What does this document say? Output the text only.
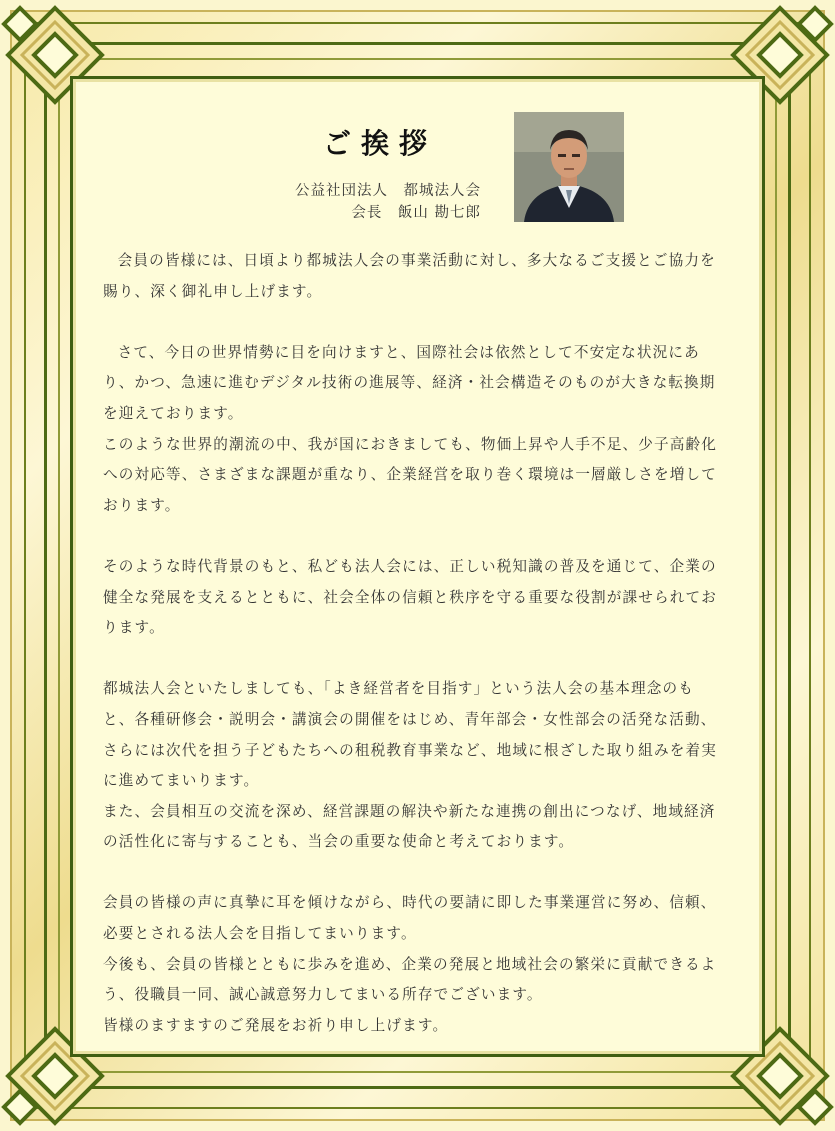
ご挨拶
公益社団法人　都城法人会
会長　飯山 勘七郎

会員の皆様には、日頃より都城法人会の事業活動に対し、多大なるご支援とご協力を賜り、深く御礼申し上げます。

さて、今日の世界情勢に目を向けますと、国際社会は依然として不安定な状況にあり、かつ、急速に進むデジタル技術の進展等、経済・社会構造そのものが大きな転換期を迎えております。

このような世界的潮流の中、我が国におきましても、物価上昇や人手不足、少子高齢化への対応等、さまざまな課題が重なり、企業経営を取り巻く環境は一層厳しさを増しております。

そのような時代背景のもと、私ども法人会には、正しい税知識の普及を通じて、企業の健全な発展を支えるとともに、社会全体の信頼と秩序を守る重要な役割が課せられております。

都城法人会といたしましても、「よき経営者を目指す」という法人会の基本理念のもと、各種研修会・説明会・講演会の開催をはじめ、青年部会・女性部会の活発な活動、さらには次代を担う子どもたちへの租税教育事業など、地域に根ざした取り組みを着実に進めてまいります。

また、会員相互の交流を深め、経営課題の解決や新たな連携の創出につなげ、地域経済の活性化に寄与することも、当会の重要な使命と考えております。

会員の皆様の声に真摯に耳を傾けながら、時代の要請に即した事業運営に努め、信頼、必要とされる法人会を目指してまいります。

今後も、会員の皆様とともに歩みを進め、企業の発展と地域社会の繁栄に貢献できるよう、役職員一同、誠心誠意努力してまいる所存でございます。

皆様のますますのご発展をお祈り申し上げます。
